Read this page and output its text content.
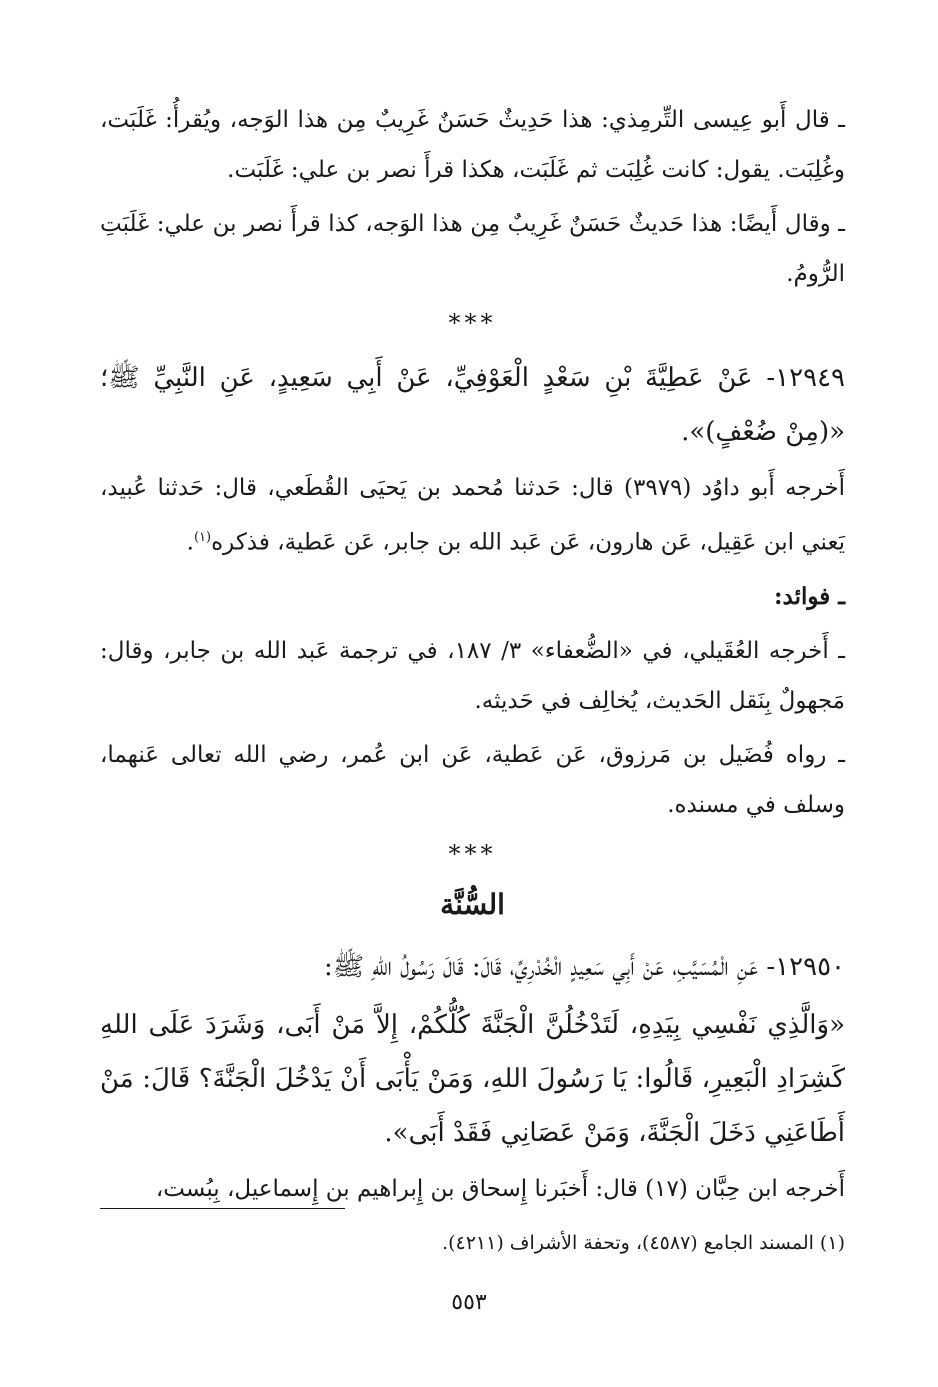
ـ قال أَبو عِيسى التِّرمِذي: هذا حَدِيثٌ حَسَنٌ غَرِيبٌ مِن هذا الوَجه، ويُقرأُ: غَلَبَت، وغُلِبَت. يقول: كانت غُلِبَت ثم غَلَبَت، هكذا قرأَ نصر بن علي: غَلَبَت.

ـ وقال أَيضًا: هذا حَديثٌ حَسَنٌ غَرِيبٌ مِن هذا الوَجه، كذا قرأَ نصر بن علي: غَلَبَتِ الرُّومُ.

***

١٢٩٤٩- عَنْ عَطِيَّةَ بْنِ سَعْدٍ الْعَوْفِيِّ، عَنْ أَبِي سَعِيدٍ، عَنِ النَّبِيِّ ﷺ؛ «(مِنْ ضُعْفٍ)».

أَخرجه أَبو داوُد (٣٩٧٩) قال: حَدثنا مُحمد بن يَحيَى القُطَعي، قال: حَدثنا عُبيد، يَعني ابن عَقِيل، عَن هارون، عَن عَبد الله بن جابر، عَن عَطية، فذكره$^{(١)}$.

ـ فوائد:

ـ أَخرجه العُقَيلي، في «الضُّعفاء» ٣/ ١٨٧، في ترجمة عَبد الله بن جابر، وقال: مَجهولٌ بِنَقل الحَديث، يُخالِف في حَديثه.

ـ رواه فُضَيل بن مَرزوق، عَن عَطية، عَن ابن عُمر، رضي الله تعالى عَنهما، وسلف في مسنده.

***
السُّنَّة

١٢٩٥٠- عَنِ الْمُسَيَّبِ، عَنْ أَبِي سَعِيدٍ الْخُدْرِيِّ، قَالَ: قَالَ رَسُولُ اللهِ ﷺ:

«وَالَّذِي نَفْسِي بِيَدِهِ، لَتَدْخُلُنَّ الْجَنَّةَ كُلُّكُمْ، إِلاَّ مَنْ أَبَى، وَشَرَدَ عَلَى اللهِ كَشِرَادِ الْبَعِيرِ، قَالُوا: يَا رَسُولَ اللهِ، وَمَنْ يَأْبَى أَنْ يَدْخُلَ الْجَنَّةَ؟ قَالَ: مَنْ أَطَاعَنِي دَخَلَ الْجَنَّةَ، وَمَنْ عَصَانِي فَقَدْ أَبَى».

أَخرجه ابن حِبَّان (١٧) قال: أَخبَرنا إِسحاق بن إِبراهيم بن إِسماعيل، بِبُست،

(١) المسند الجامع (٤٥٨٧)، وتحفة الأشراف (٤٢١١).
٥٥٣
